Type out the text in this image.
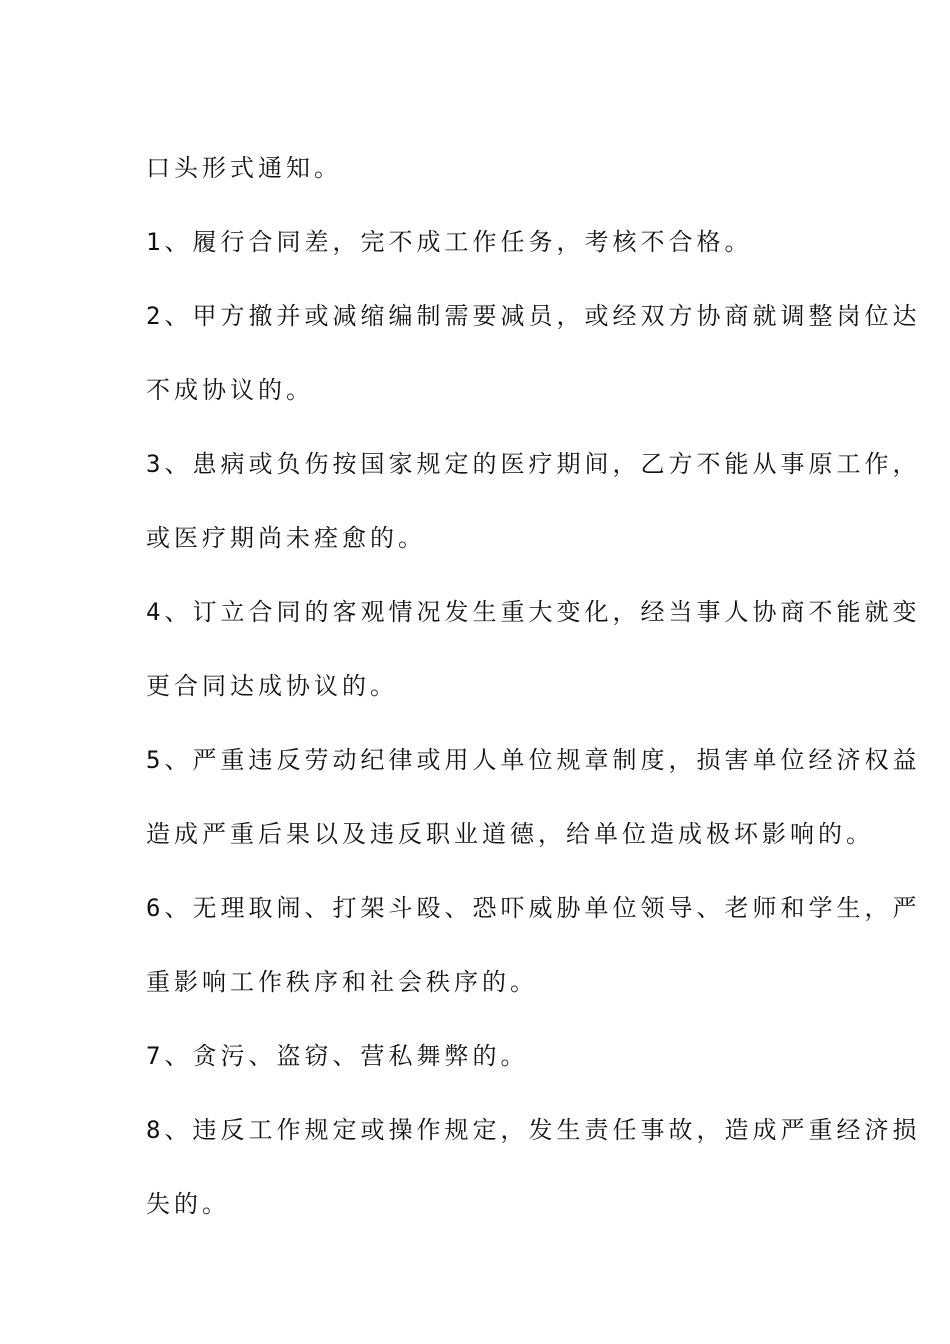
口头形式通知。
1、履行合同差，完不成工作任务，考核不合格。
2、甲方撤并或减缩编制需要减员，或经双方协商就调整岗位达
不成协议的。
3、患病或负伤按国家规定的医疗期间，乙方不能从事原工作，
或医疗期尚未痊愈的。
4、订立合同的客观情况发生重大变化，经当事人协商不能就变
更合同达成协议的。
5、严重违反劳动纪律或用人单位规章制度，损害单位经济权益
造成严重后果以及违反职业道德，给单位造成极坏影响的。
6、无理取闹、打架斗殴、恐吓威胁单位领导、老师和学生，严
重影响工作秩序和社会秩序的。
7、贪污、盗窃、营私舞弊的。
8、违反工作规定或操作规定，发生责任事故，造成严重经济损
失的。
